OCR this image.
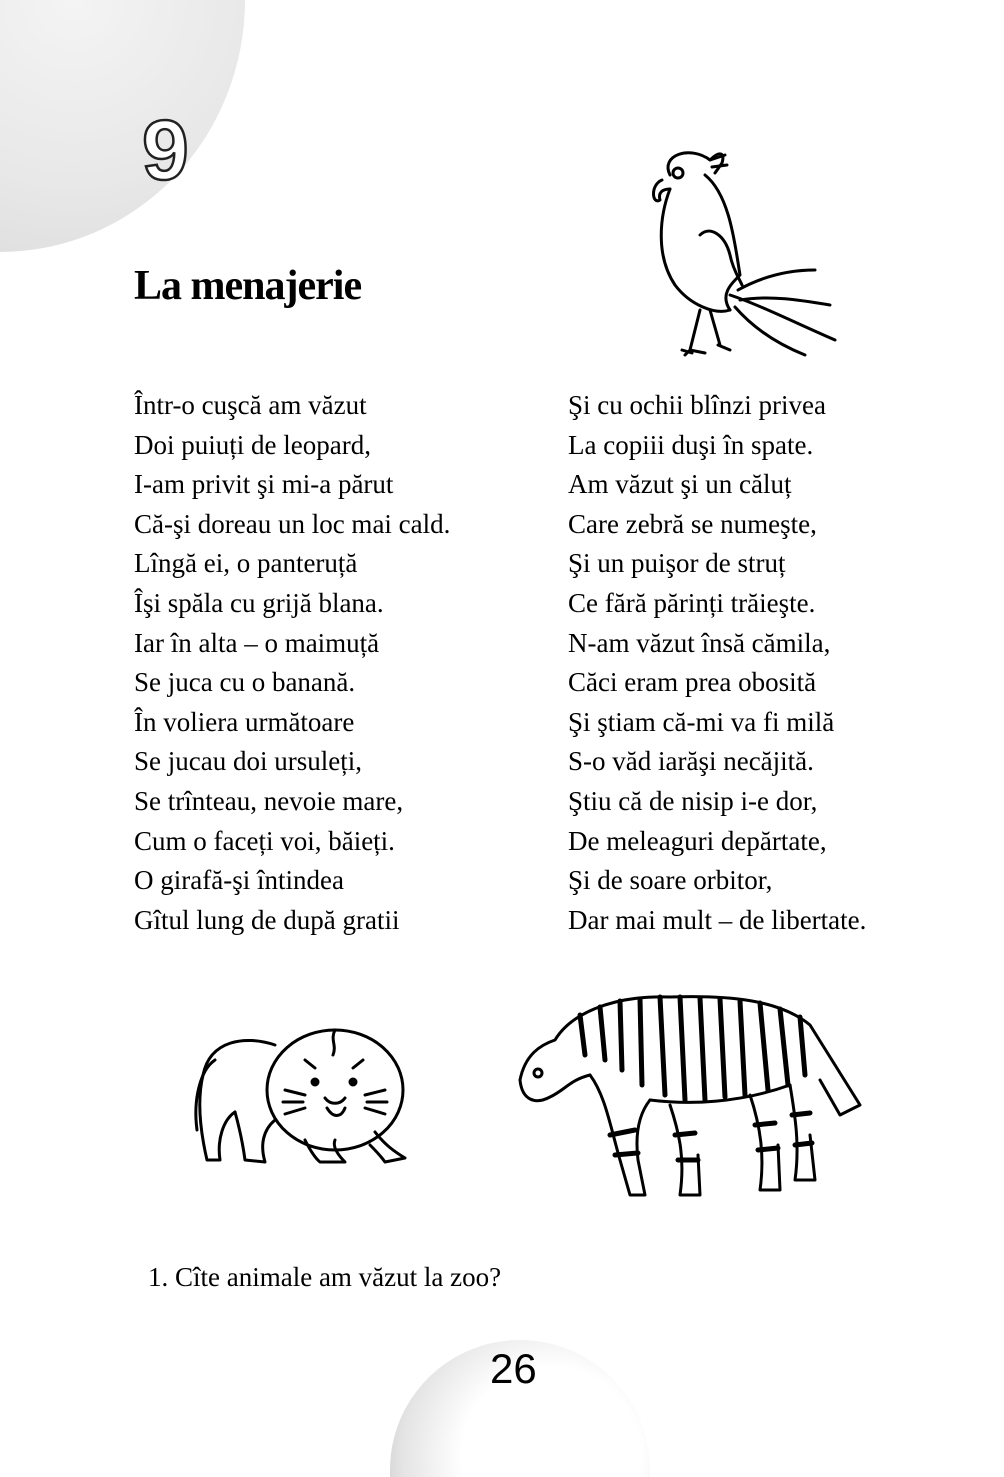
9
La menajerie
Într-o cuşcă am văzut
Doi puiuți de leopard,
I-am privit şi mi-a părut
Că-şi doreau un loc mai cald.
Lîngă ei, o panteruță
Îşi spăla cu grijă blana.
Iar în alta – o maimuță
Se juca cu o banană.
În voliera următoare
Se jucau doi ursuleți,
Se trînteau, nevoie mare,
Cum o faceți voi, băieți.
O girafă-şi întindea
Gîtul lung de după gratii
Şi cu ochii blînzi privea
La copiii duşi în spate.
Am văzut şi un căluț
Care zebră se numeşte,
Şi un puişor de struț
Ce fără părinți trăieşte.
N-am văzut însă cămila,
Căci eram prea obosită
Şi ştiam că-mi va fi milă
S-o văd iarăşi necăjită.
Ştiu că de nisip i-e dor,
De meleaguri depărtate,
Şi de soare orbitor,
Dar mai mult – de libertate.
1. Cîte animale am văzut la zoo?
26
